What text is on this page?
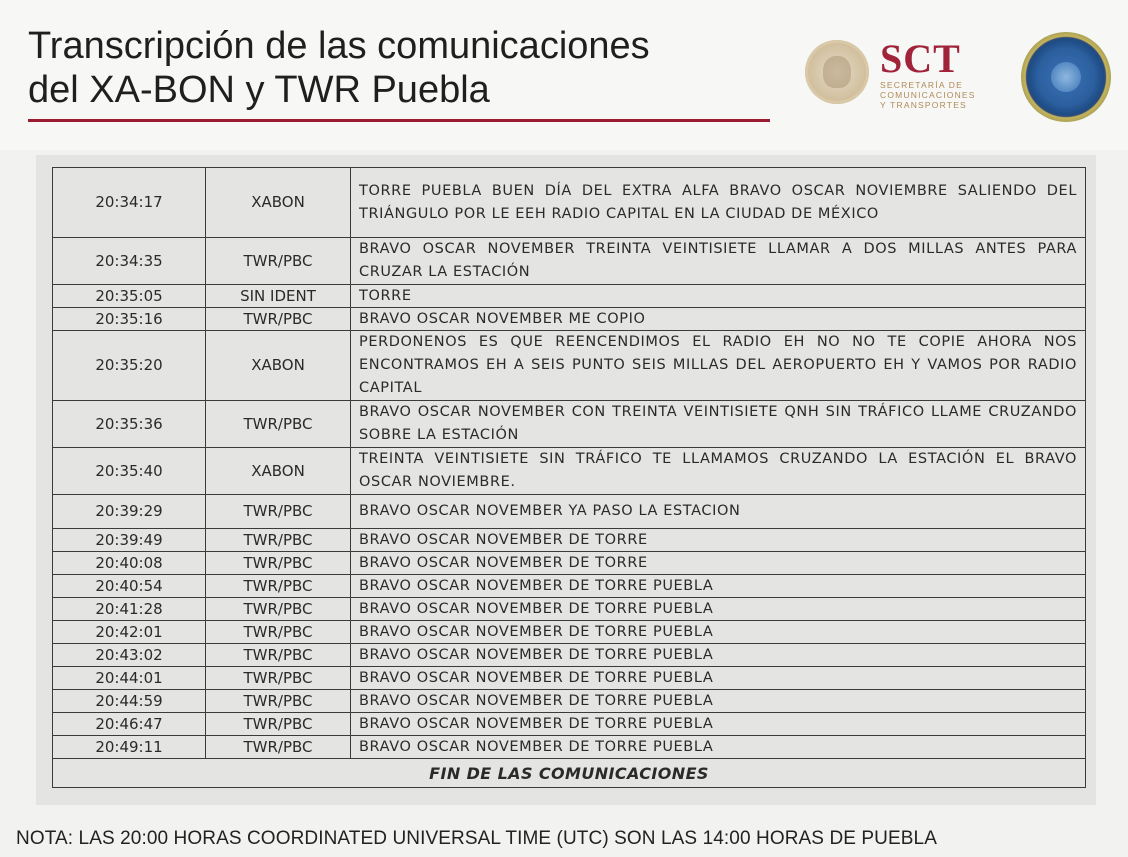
Transcripción de las comunicaciones
del XA-BON y TWR Puebla
SCT
SECRETARÍA DE
COMUNICACIONES
Y TRANSPORTES
20:34:17	XABON	TORRE PUEBLA BUEN DÍA DEL EXTRA ALFA BRAVO OSCAR NOVIEMBRE SALIENDO DEL TRIÁNGULO POR LE EEH RADIO CAPITAL EN LA CIUDAD DE MÉXICO
20:34:35	TWR/PBC	BRAVO OSCAR NOVEMBER TREINTA VEINTISIETE LLAMAR A DOS MILLAS ANTES PARA CRUZAR LA ESTACIÓN
20:35:05	SIN IDENT	TORRE
20:35:16	TWR/PBC	BRAVO OSCAR NOVEMBER ME COPIO
20:35:20	XABON	PERDONENOS ES QUE REENCENDIMOS EL RADIO EH NO NO TE COPIE AHORA NOS ENCONTRAMOS EH A SEIS PUNTO SEIS MILLAS DEL AEROPUERTO EH Y VAMOS POR RADIO CAPITAL
20:35:36	TWR/PBC	BRAVO OSCAR NOVEMBER CON TREINTA VEINTISIETE QNH SIN TRÁFICO LLAME CRUZANDO SOBRE LA ESTACIÓN
20:35:40	XABON	TREINTA VEINTISIETE SIN TRÁFICO TE LLAMAMOS CRUZANDO LA ESTACIÓN EL BRAVO OSCAR NOVIEMBRE.
20:39:29	TWR/PBC	BRAVO OSCAR NOVEMBER YA PASO LA ESTACION
20:39:49	TWR/PBC	BRAVO OSCAR NOVEMBER DE TORRE
20:40:08	TWR/PBC	BRAVO OSCAR NOVEMBER DE TORRE
20:40:54	TWR/PBC	BRAVO OSCAR NOVEMBER DE TORRE PUEBLA
20:41:28	TWR/PBC	BRAVO OSCAR NOVEMBER DE TORRE PUEBLA
20:42:01	TWR/PBC	BRAVO OSCAR NOVEMBER DE TORRE PUEBLA
20:43:02	TWR/PBC	BRAVO OSCAR NOVEMBER DE TORRE PUEBLA
20:44:01	TWR/PBC	BRAVO OSCAR NOVEMBER DE TORRE PUEBLA
20:44:59	TWR/PBC	BRAVO OSCAR NOVEMBER DE TORRE PUEBLA
20:46:47	TWR/PBC	BRAVO OSCAR NOVEMBER DE TORRE PUEBLA
20:49:11	TWR/PBC	BRAVO OSCAR NOVEMBER DE TORRE PUEBLA
FIN DE LAS COMUNICACIONES		
NOTA: LAS 20:00 HORAS COORDINATED UNIVERSAL TIME (UTC) SON LAS 14:00 HORAS DE PUEBLA
